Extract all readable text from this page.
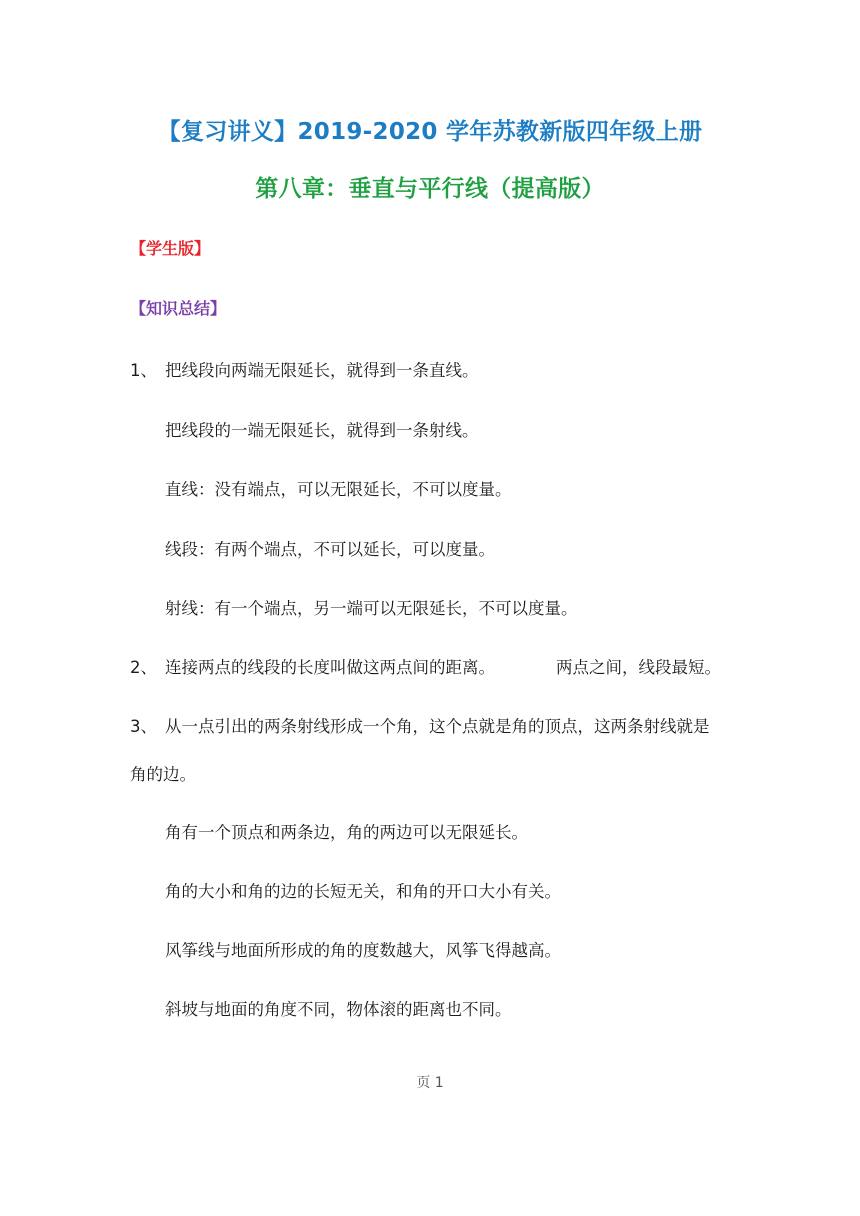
【复习讲义】2019-2020 学年苏教新版四年级上册
第八章：垂直与平行线（提高版）
【学生版】
【知识总结】
1、 把线段向两端无限延长，就得到一条直线。
把线段的一端无限延长，就得到一条射线。
直线：没有端点，可以无限延长，不可以度量。
线段：有两个端点，不可以延长，可以度量。
射线：有一个端点，另一端可以无限延长，不可以度量。
2、 连接两点的线段的长度叫做这两点间的距离。	两点之间，线段最短。
3、 从一点引出的两条射线形成一个角，这个点就是角的顶点，这两条射线就是
角的边。
角有一个顶点和两条边，角的两边可以无限延长。
角的大小和角的边的长短无关，和角的开口大小有关。
风筝线与地面所形成的角的度数越大，风筝飞得越高。
斜坡与地面的角度不同，物体滚的距离也不同。
页 1
